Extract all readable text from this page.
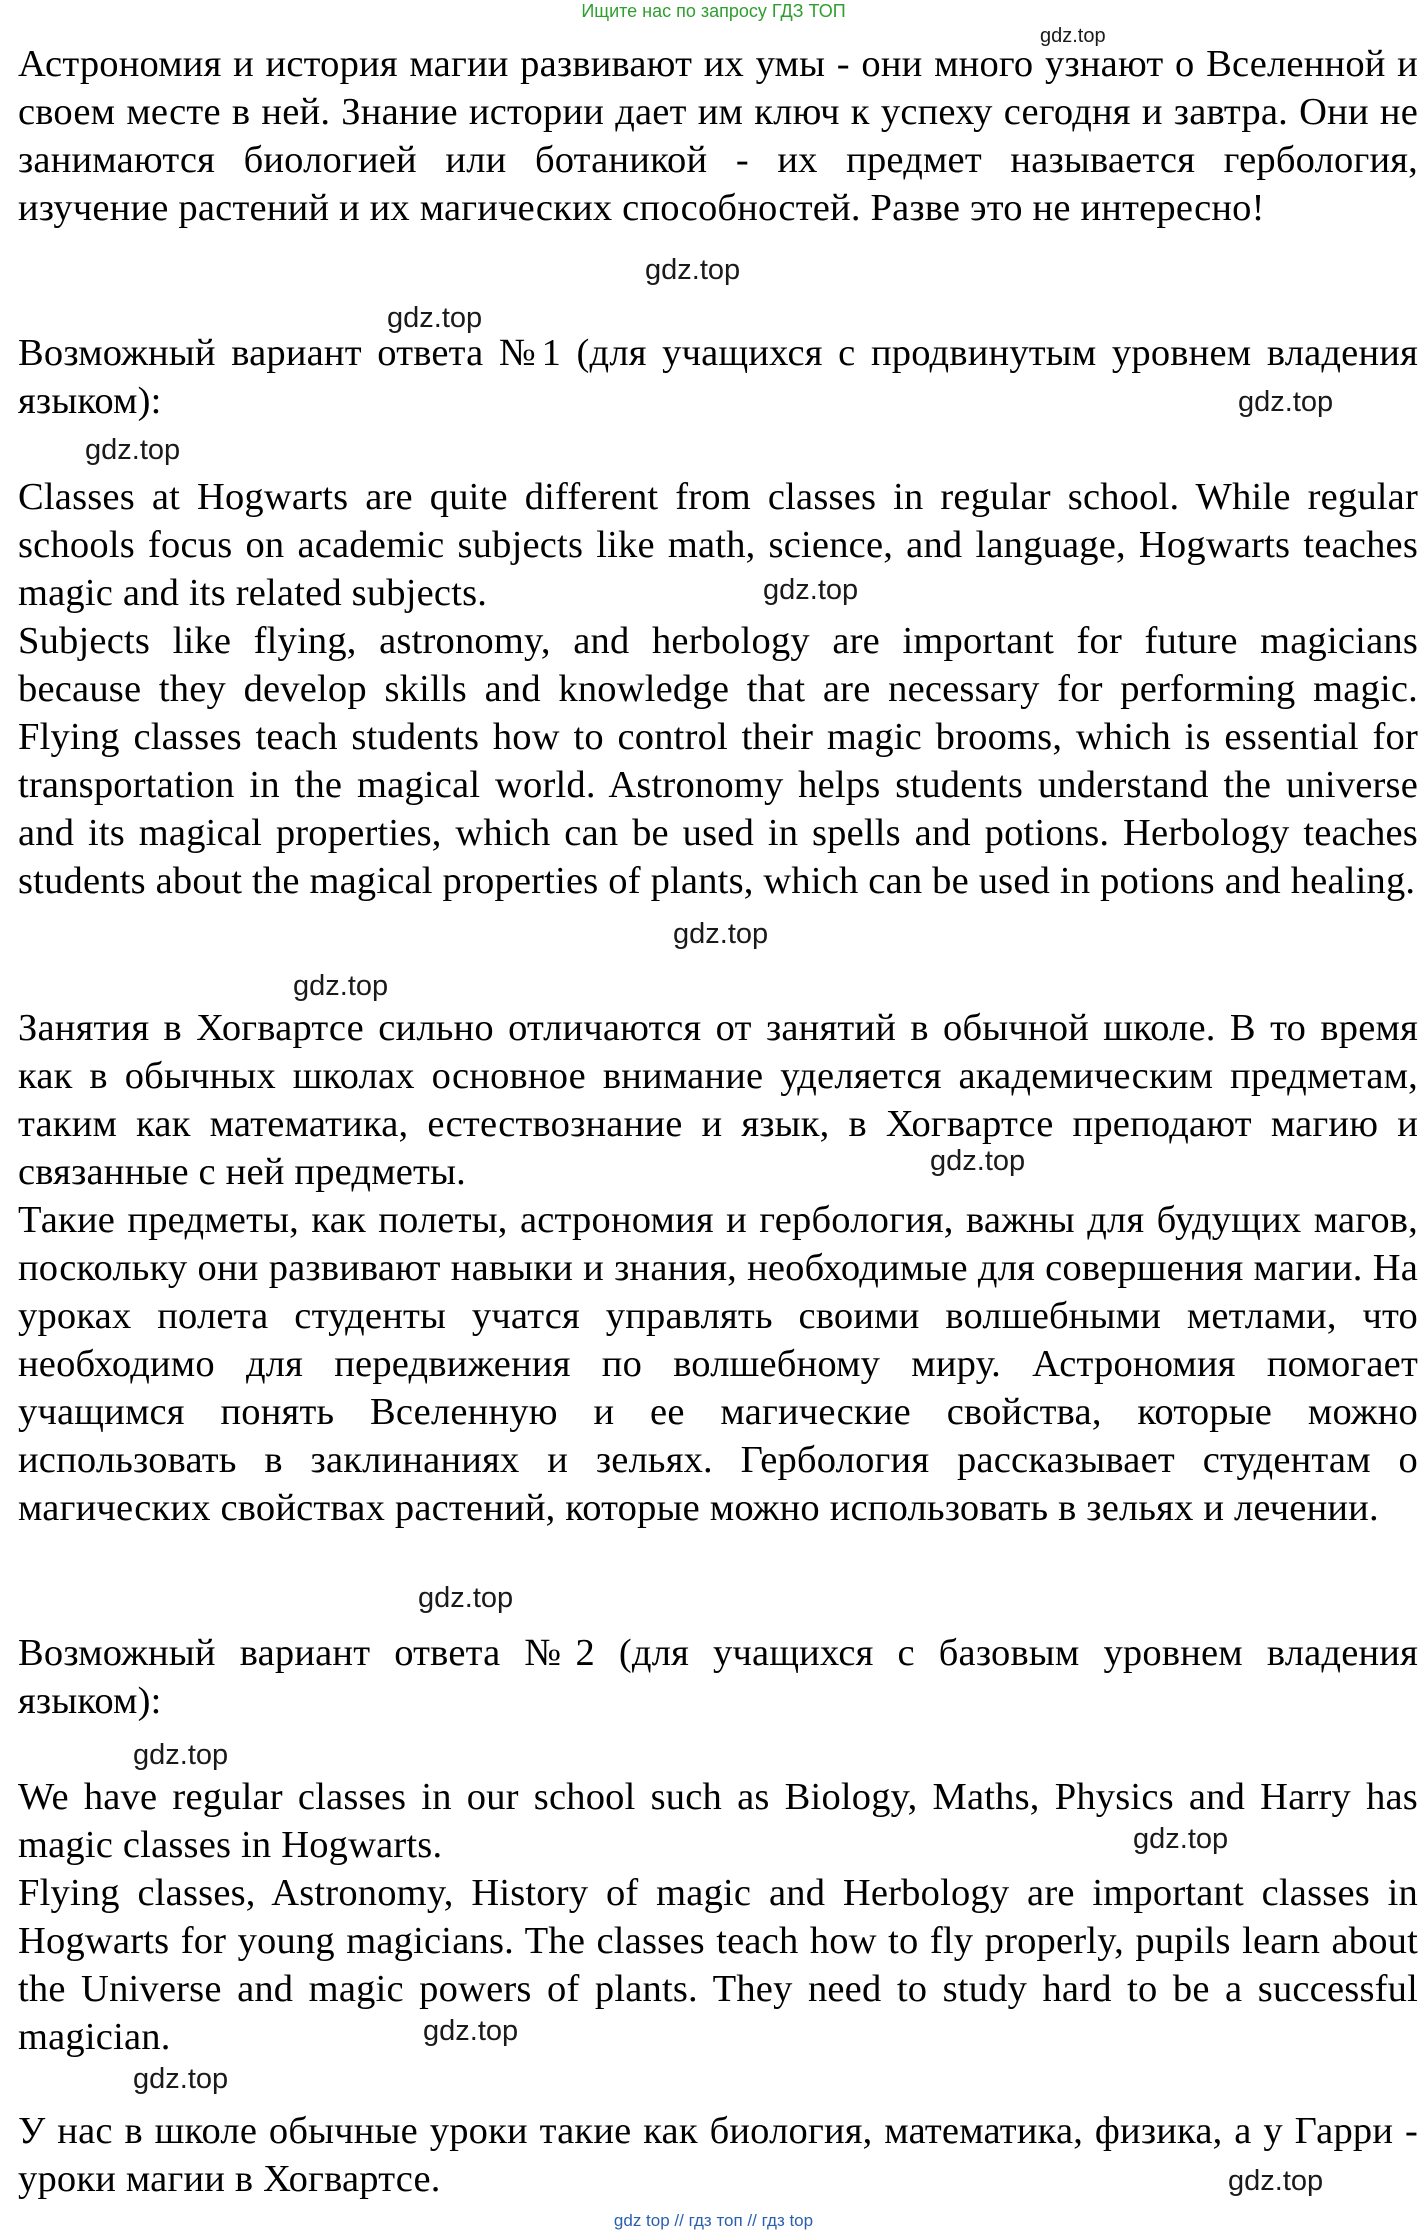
Ищите нас по запросу ГДЗ ТОП
gdz.top

Астрономия и история магии развивают их умы - они много узнают о Вселенной и своем месте в ней. Знание истории дает им ключ к успеху сегодня и завтра. Они не занимаются биологией или ботаникой - их предмет называется гербология, изучение растений и их магических способностей. Разве это не интересно!

gdz.top
gdz.top

Возможный вариант ответа №1 (для учащихся с продвинутым уровнем владения языком):	gdz.top
gdz.top

Classes at Hogwarts are quite different from classes in regular school. While regular schools focus on academic subjects like math, science, and language, Hogwarts teaches magic and its related subjects.	gdz.top

Subjects like flying, astronomy, and herbology are important for future magicians because they develop skills and knowledge that are necessary for performing magic. Flying classes teach students how to control their magic brooms, which is essential for transportation in the magical world. Astronomy helps students understand the universe and its magical properties, which can be used in spells and potions. Herbology teaches students about the magical properties of plants, which can be used in potions and healing.

gdz.top
gdz.top

Занятия в Хогвартсе сильно отличаются от занятий в обычной школе. В то время как в обычных школах основное внимание уделяется академическим предметам, таким как математика, естествознание и язык, в Хогвартсе преподают магию и связанные с ней предметы.	gdz.top

Такие предметы, как полеты, астрономия и гербология, важны для будущих магов, поскольку они развивают навыки и знания, необходимые для совершения магии. На уроках полета студенты учатся управлять своими волшебными метлами, что необходимо для передвижения по волшебному миру. Астрономия помогает учащимся понять Вселенную и ее магические свойства, которые можно использовать в заклинаниях и зельях. Гербология рассказывает студентам о магических свойствах растений, которые можно использовать в зельях и лечении.

gdz.top

Возможный вариант ответа №2 (для учащихся с базовым уровнем владения языком):

gdz.top

We have regular classes in our school such as Biology, Maths, Physics and Harry has magic classes in Hogwarts.	gdz.top

Flying classes, Astronomy, History of magic and Herbology are important classes in Hogwarts for young magicians. The classes teach how to fly properly, pupils learn about the Universe and magic powers of plants. They need to study hard to be a successful magician.	gdz.top
gdz.top

У нас в школе обычные уроки такие как биология, математика, физика, а у Гарри - уроки магии в Хогвартсе.	gdz.top
gdz top // гдз топ // гдз top
